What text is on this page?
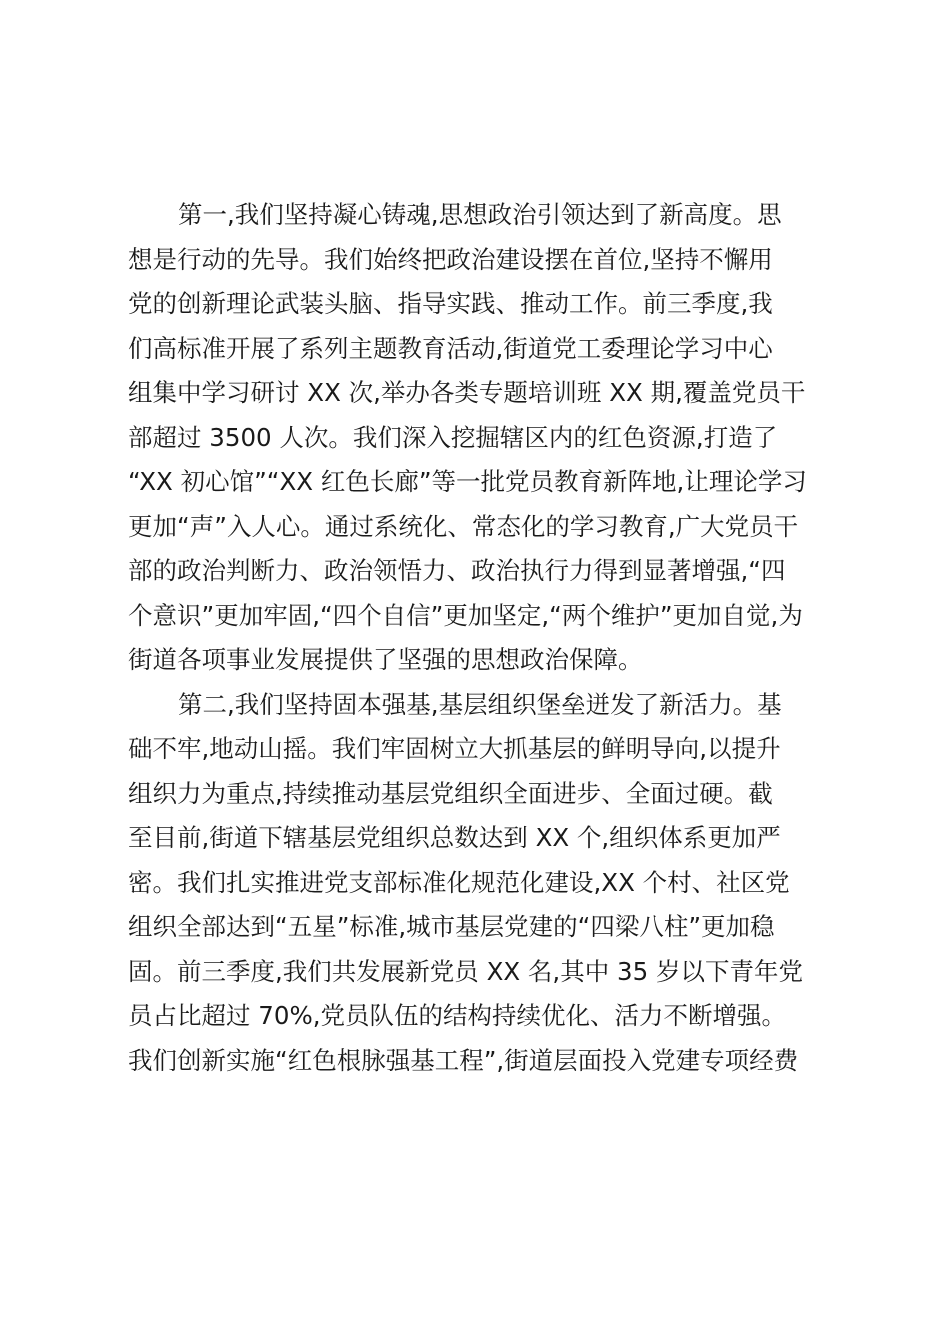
第一,我们坚持凝心铸魂,思想政治引领达到了新高度。思
想是行动的先导。我们始终把政治建设摆在首位,坚持不懈用
党的创新理论武装头脑、指导实践、推动工作。前三季度,我
们高标准开展了系列主题教育活动,街道党工委理论学习中心
组集中学习研讨 XX 次,举办各类专题培训班 XX 期,覆盖党员干
部超过 3500 人次。我们深入挖掘辖区内的红色资源,打造了
“XX 初心馆”“XX 红色长廊”等一批党员教育新阵地,让理论学习
更加“声”入人心。通过系统化、常态化的学习教育,广大党员干
部的政治判断力、政治领悟力、政治执行力得到显著增强,“四
个意识”更加牢固,“四个自信”更加坚定,“两个维护”更加自觉,为
街道各项事业发展提供了坚强的思想政治保障。
第二,我们坚持固本强基,基层组织堡垒迸发了新活力。基
础不牢,地动山摇。我们牢固树立大抓基层的鲜明导向,以提升
组织力为重点,持续推动基层党组织全面进步、全面过硬。截
至目前,街道下辖基层党组织总数达到 XX 个,组织体系更加严
密。我们扎实推进党支部标准化规范化建设,XX 个村、社区党
组织全部达到“五星”标准,城市基层党建的“四梁八柱”更加稳
固。前三季度,我们共发展新党员 XX 名,其中 35 岁以下青年党
员占比超过 70%,党员队伍的结构持续优化、活力不断增强。
我们创新实施“红色根脉强基工程”,街道层面投入党建专项经费
